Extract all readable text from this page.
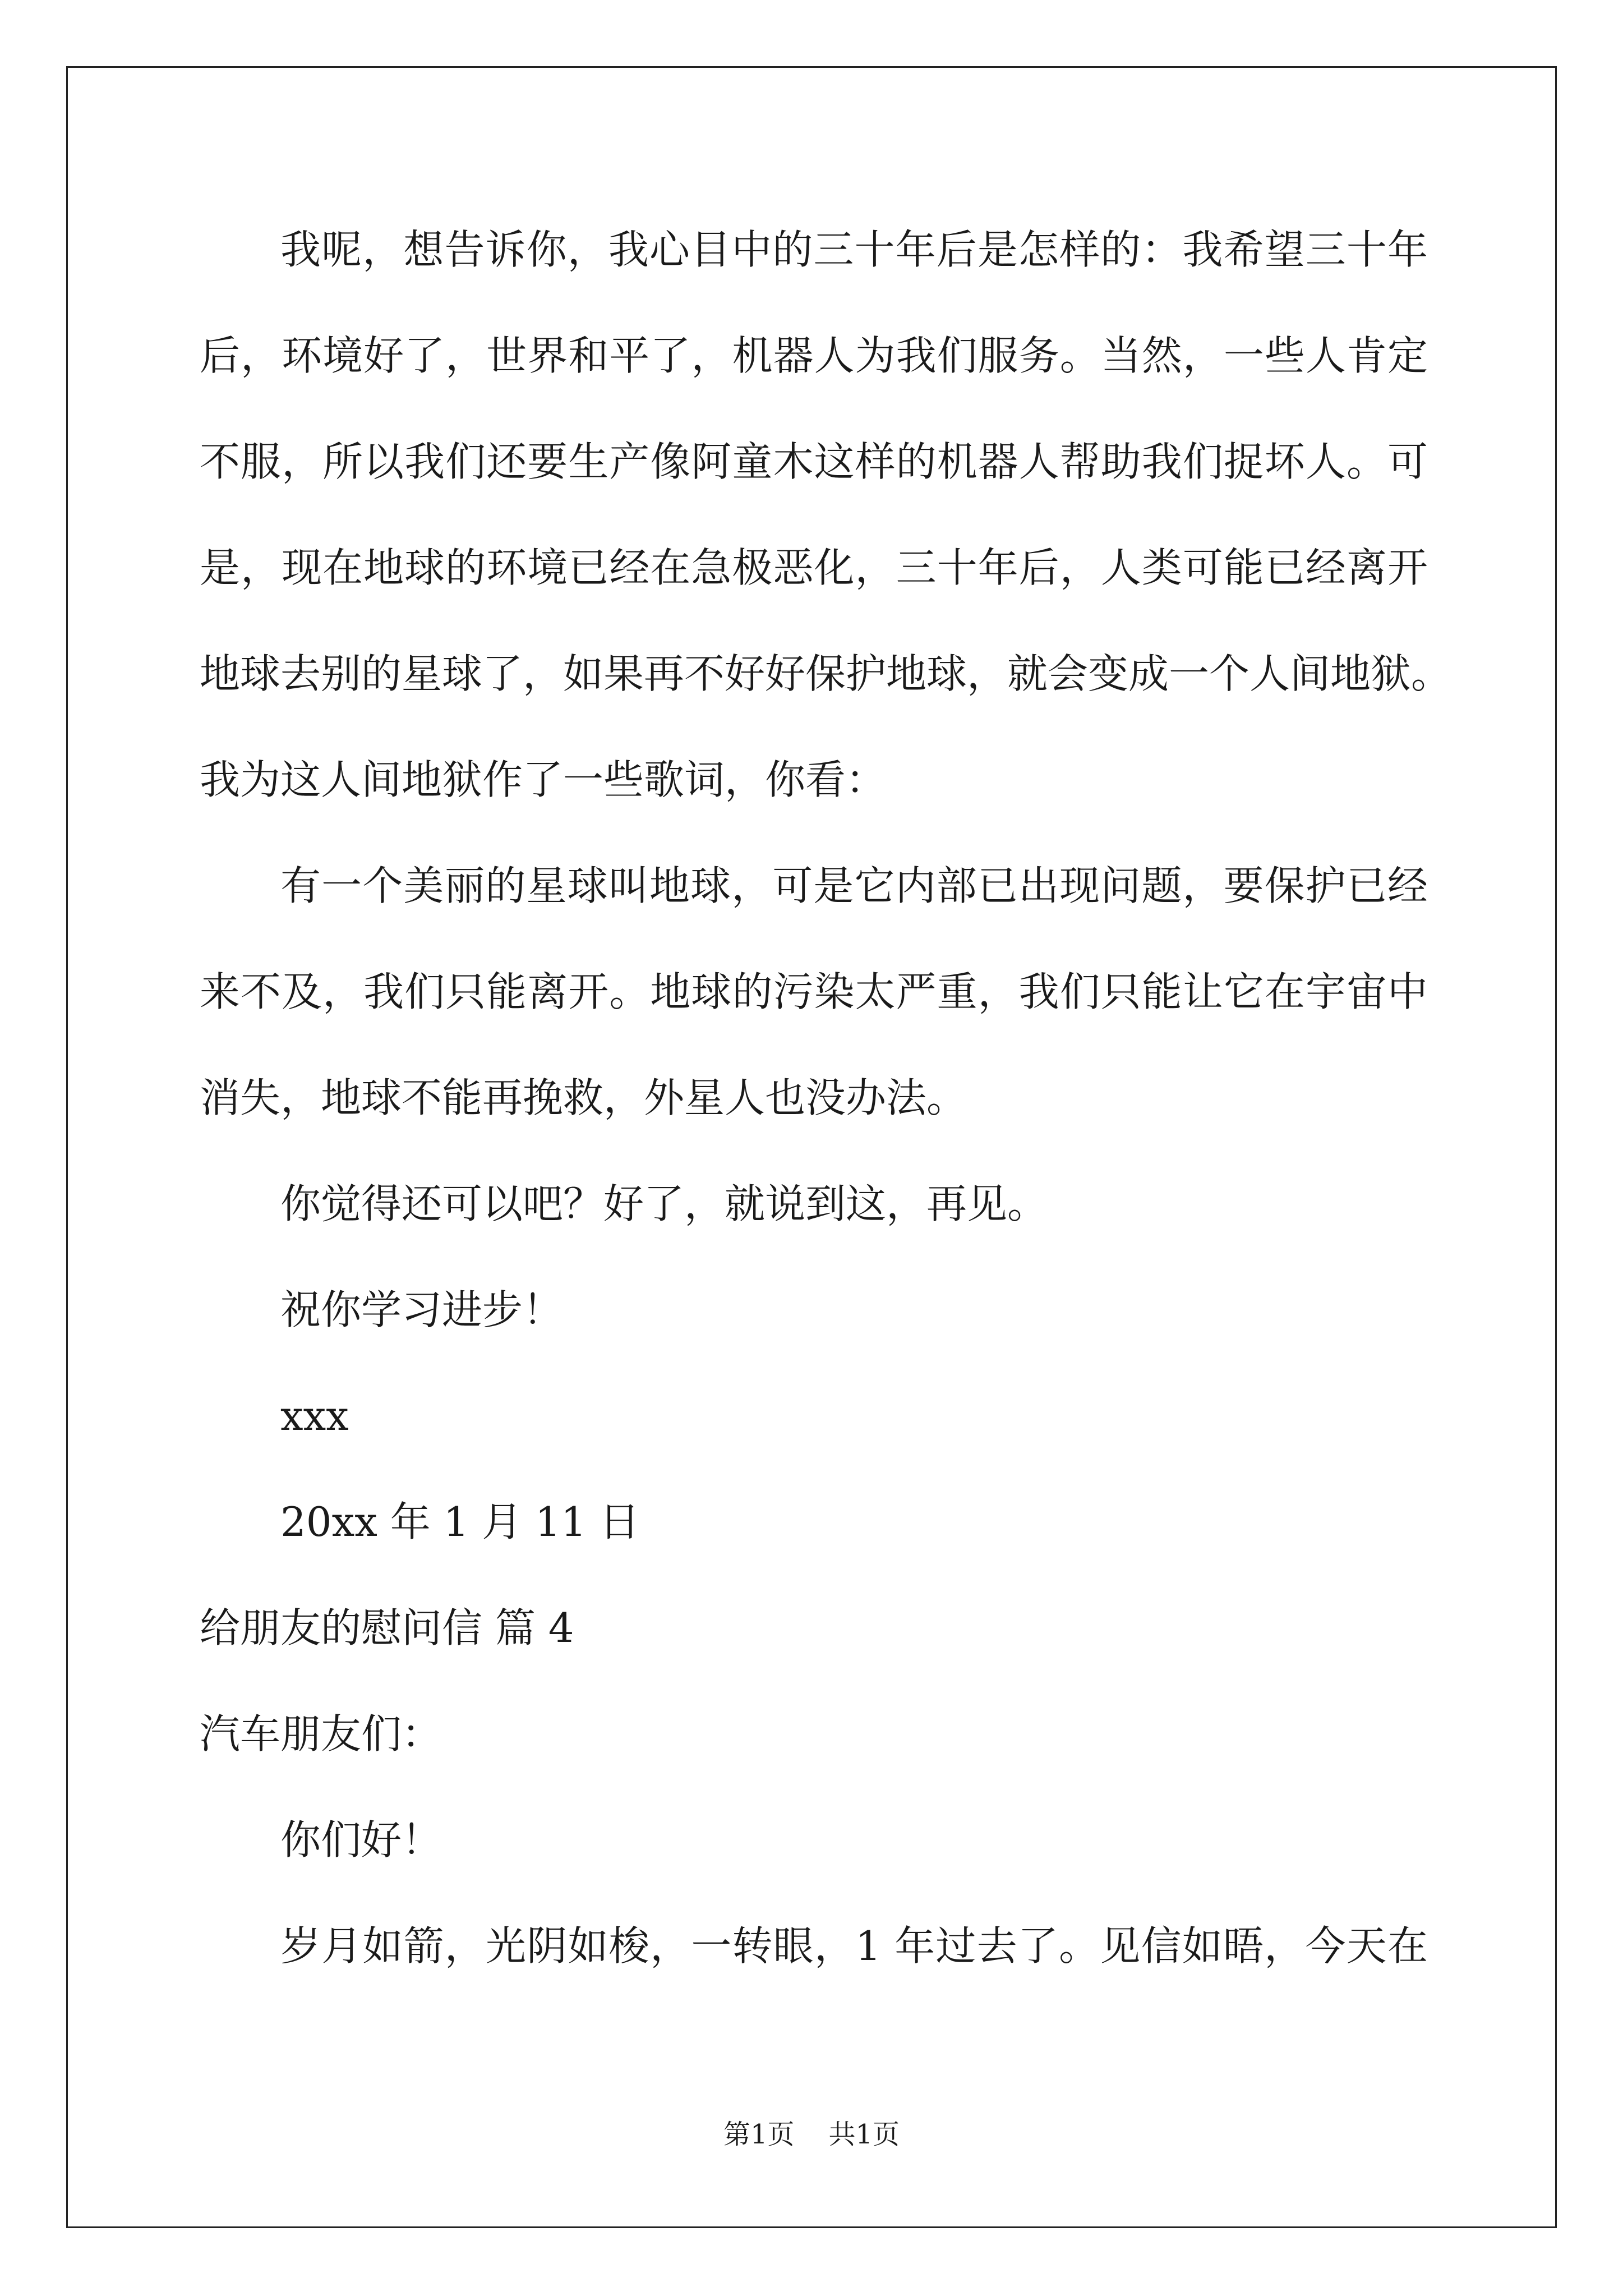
我呢，想告诉你，我心目中的三十年后是怎样的：我希望三十年
后，环境好了，世界和平了，机器人为我们服务。当然，一些人肯定
不服，所以我们还要生产像阿童木这样的机器人帮助我们捉坏人。可
是，现在地球的环境已经在急极恶化，三十年后，人类可能已经离开
地球去别的星球了，如果再不好好保护地球，就会变成一个人间地狱。
我为这人间地狱作了一些歌词，你看：
有一个美丽的星球叫地球，可是它内部已出现问题，要保护已经
来不及，我们只能离开。地球的污染太严重，我们只能让它在宇宙中
消失，地球不能再挽救，外星人也没办法。
你觉得还可以吧？好了，就说到这，再见。
祝你学习进步！
xxx
20xx 年 1 月 11 日
给朋友的慰问信 篇 4
汽车朋友们：
你们好！
岁月如箭，光阴如梭，一转眼，1 年过去了。见信如晤，今天在
第1页    共1页
